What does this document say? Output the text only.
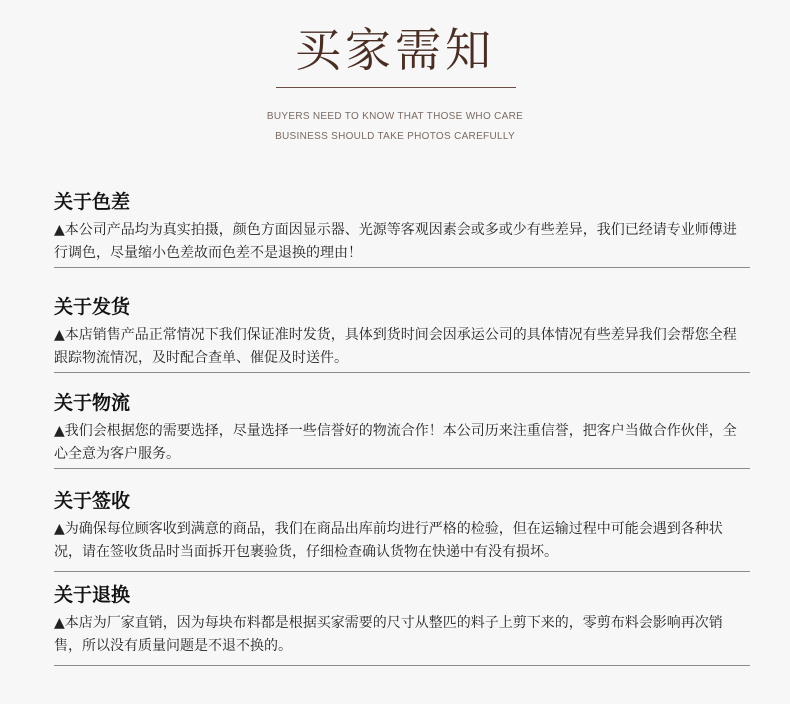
买家需知
BUYERS NEED TO KNOW THAT THOSE WHO CARE
BUSINESS SHOULD TAKE PHOTOS CAREFULLY
关于色差
▲本公司产品均为真实拍摄，颜色方面因显示器、光源等客观因素会或多或少有些差异，我们已经请专业师傅进行调色，尽量缩小色差故而色差不是退换的理由！
关于发货
▲本店销售产品正常情况下我们保证准时发货，具体到货时间会因承运公司的具体情况有些差异我们会帮您全程跟踪物流情况，及时配合查单、催促及时送件。
关于物流
▲我们会根据您的需要选择，尽量选择一些信誉好的物流合作！本公司历来注重信誉，把客户当做合作伙伴，全心全意为客户服务。
关于签收
▲为确保每位顾客收到满意的商品，我们在商品出库前均进行严格的检验，但在运输过程中可能会遇到各种状况，请在签收货品时当面拆开包裹验货，仔细检查确认货物在快递中有没有损坏。
关于退换
▲本店为厂家直销，因为每块布料都是根据买家需要的尺寸从整匹的料子上剪下来的，零剪布料会影响再次销售，所以没有质量问题是不退不换的。
